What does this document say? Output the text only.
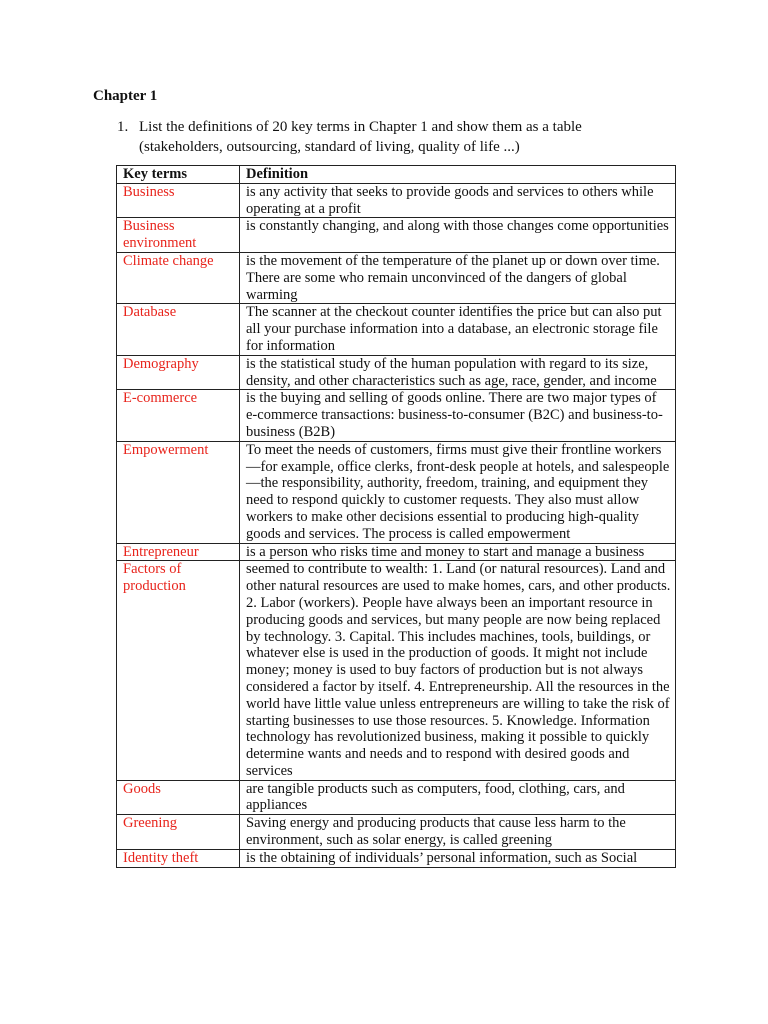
Chapter 1
1. List the definitions of 20 key terms in Chapter 1 and show them as a table
(stakeholders, outsourcing, standard of living, quality of life ...)
Key terms	Definition
Business	is any activity that seeks to provide goods and services to others while operating at a profit
Business environment	is constantly changing, and along with those changes come opportunities
Climate change	is the movement of the temperature of the planet up or down over time. There are some who remain unconvinced of the dangers of global warming
Database	The scanner at the checkout counter identifies the price but can also put all your purchase information into a database, an electronic storage file for information
Demography	is the statistical study of the human population with regard to its size, density, and other characteristics such as age, race, gender, and income
E-commerce	is the buying and selling of goods online. There are two major types of e-commerce transactions: business-to-consumer (B2C) and business-to-business (B2B)
Empowerment	To meet the needs of customers, firms must give their frontline workers—for example, office clerks, front-desk people at hotels, and salespeople—the responsibility, authority, freedom, training, and equipment they need to respond quickly to customer requests. They also must allow workers to make other decisions essential to producing high-quality goods and services. The process is called empowerment
Entrepreneur	is a person who risks time and money to start and manage a business
Factors of production	seemed to contribute to wealth: 1. Land (or natural resources). Land and other natural resources are used to make homes, cars, and other products. 2. Labor (workers). People have always been an important resource in producing goods and services, but many people are now being replaced by technology. 3. Capital. This includes machines, tools, buildings, or whatever else is used in the production of goods. It might not include money; money is used to buy factors of production but is not always considered a factor by itself. 4. Entrepreneurship. All the resources in the world have little value unless entrepreneurs are willing to take the risk of starting businesses to use those resources. 5. Knowledge. Information technology has revolutionized business, making it possible to quickly determine wants and needs and to respond with desired goods and services
Goods	are tangible products such as computers, food, clothing, cars, and appliances
Greening	Saving energy and producing products that cause less harm to the environment, such as solar energy, is called greening
Identity theft	is the obtaining of individuals’ personal information, such as Social
